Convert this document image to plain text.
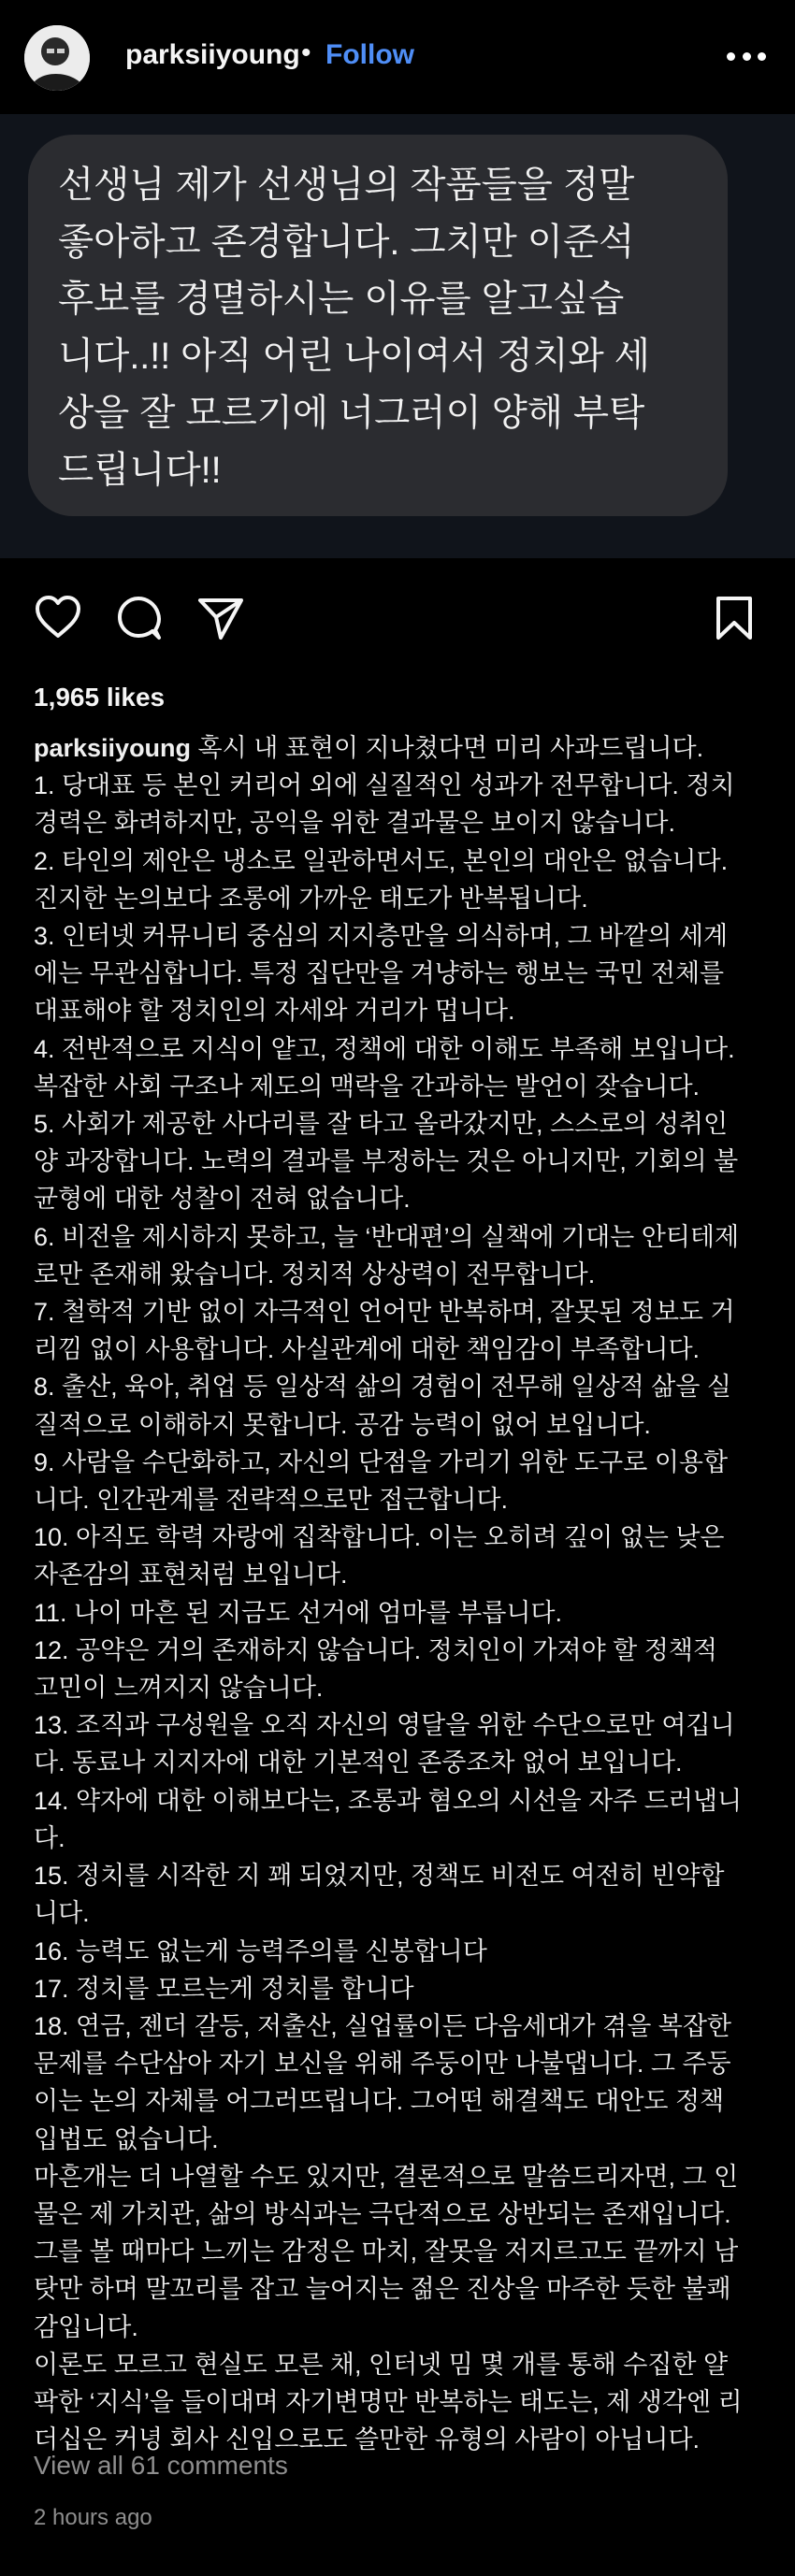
parksiiyoung • Follow
선생님 제가 선생님의 작품들을 정말
좋아하고 존경합니다. 그치만 이준석
후보를 경멸하시는 이유를 알고싶습
니다..!! 아직 어린 나이여서 정치와 세
상을 잘 모르기에 너그러이 양해 부탁
드립니다!!
1,965 likes
parksiiyoung 혹시 내 표현이 지나쳤다면 미리 사과드립니다.
1. 당대표 등 본인 커리어 외에 실질적인 성과가 전무합니다. 정치
경력은 화려하지만, 공익을 위한 결과물은 보이지 않습니다.
2. 타인의 제안은 냉소로 일관하면서도, 본인의 대안은 없습니다.
진지한 논의보다 조롱에 가까운 태도가 반복됩니다.
3. 인터넷 커뮤니티 중심의 지지층만을 의식하며, 그 바깥의 세계
에는 무관심합니다. 특정 집단만을 겨냥하는 행보는 국민 전체를
대표해야 할 정치인의 자세와 거리가 멉니다.
4. 전반적으로 지식이 얕고, 정책에 대한 이해도 부족해 보입니다.
복잡한 사회 구조나 제도의 맥락을 간과하는 발언이 잦습니다.
5. 사회가 제공한 사다리를 잘 타고 올라갔지만, 스스로의 성취인
양 과장합니다. 노력의 결과를 부정하는 것은 아니지만, 기회의 불
균형에 대한 성찰이 전혀 없습니다.
6. 비전을 제시하지 못하고, 늘 ‘반대편’의 실책에 기대는 안티테제
로만 존재해 왔습니다. 정치적 상상력이 전무합니다.
7. 철학적 기반 없이 자극적인 언어만 반복하며, 잘못된 정보도 거
리낌 없이 사용합니다. 사실관계에 대한 책임감이 부족합니다.
8. 출산, 육아, 취업 등 일상적 삶의 경험이 전무해 일상적 삶을 실
질적으로 이해하지 못합니다. 공감 능력이 없어 보입니다.
9. 사람을 수단화하고, 자신의 단점을 가리기 위한 도구로 이용합
니다. 인간관계를 전략적으로만 접근합니다.
10. 아직도 학력 자랑에 집착합니다. 이는 오히려 깊이 없는 낮은
자존감의 표현처럼 보입니다.
11. 나이 마흔 된 지금도 선거에 엄마를 부릅니다.
12. 공약은 거의 존재하지 않습니다. 정치인이 가져야 할 정책적
고민이 느껴지지 않습니다.
13. 조직과 구성원을 오직 자신의 영달을 위한 수단으로만 여깁니
다. 동료나 지지자에 대한 기본적인 존중조차 없어 보입니다.
14. 약자에 대한 이해보다는, 조롱과 혐오의 시선을 자주 드러냅니
다.
15. 정치를 시작한 지 꽤 되었지만, 정책도 비전도 여전히 빈약합
니다.
16. 능력도 없는게 능력주의를 신봉합니다
17. 정치를 모르는게 정치를 합니다
18. 연금, 젠더 갈등, 저출산, 실업률이든 다음세대가 겪을 복잡한
문제를 수단삼아 자기 보신을 위해 주둥이만 나불댑니다. 그 주둥
이는 논의 자체를 어그러뜨립니다. 그어떤 해결책도 대안도 정책
입법도 없습니다.
마흔개는 더 나열할 수도 있지만, 결론적으로 말씀드리자면, 그 인
물은 제 가치관, 삶의 방식과는 극단적으로 상반되는 존재입니다.
그를 볼 때마다 느끼는 감정은 마치, 잘못을 저지르고도 끝까지 남
탓만 하며 말꼬리를 잡고 늘어지는 젊은 진상을 마주한 듯한 불쾌
감입니다.
이론도 모르고 현실도 모른 채, 인터넷 밈 몇 개를 통해 수집한 얄
팍한 ‘지식’을 들이대며 자기변명만 반복하는 태도는, 제 생각엔 리
더십은 커녕 회사 신입으로도 쓸만한 유형의 사람이 아닙니다.
View all 61 comments
2 hours ago
